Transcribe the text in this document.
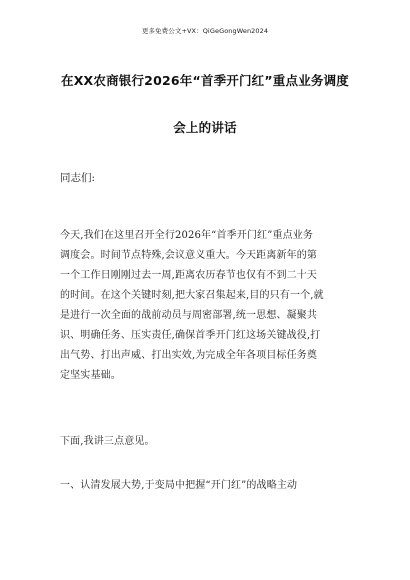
更多免费公文+VX：QiGeGongWen2024
在XX农商银行2026年“首季开门红”重点业务调度
会上的讲话
同志们:
今天,我们在这里召开全行2026年“首季开门红”重点业务
调度会。时间节点特殊,会议意义重大。今天距离新年的第
一个工作日刚刚过去一周,距离农历春节也仅有不到二十天
的时间。在这个关键时刻,把大家召集起来,目的只有一个,就
是进行一次全面的战前动员与周密部署,统一思想、凝聚共
识、明确任务、压实责任,确保首季开门红这场关键战役,打
出气势、打出声威、打出实效,为完成全年各项目标任务奠
定坚实基础。
下面,我讲三点意见。
一、认清发展大势,于变局中把握“开门红”的战略主动
